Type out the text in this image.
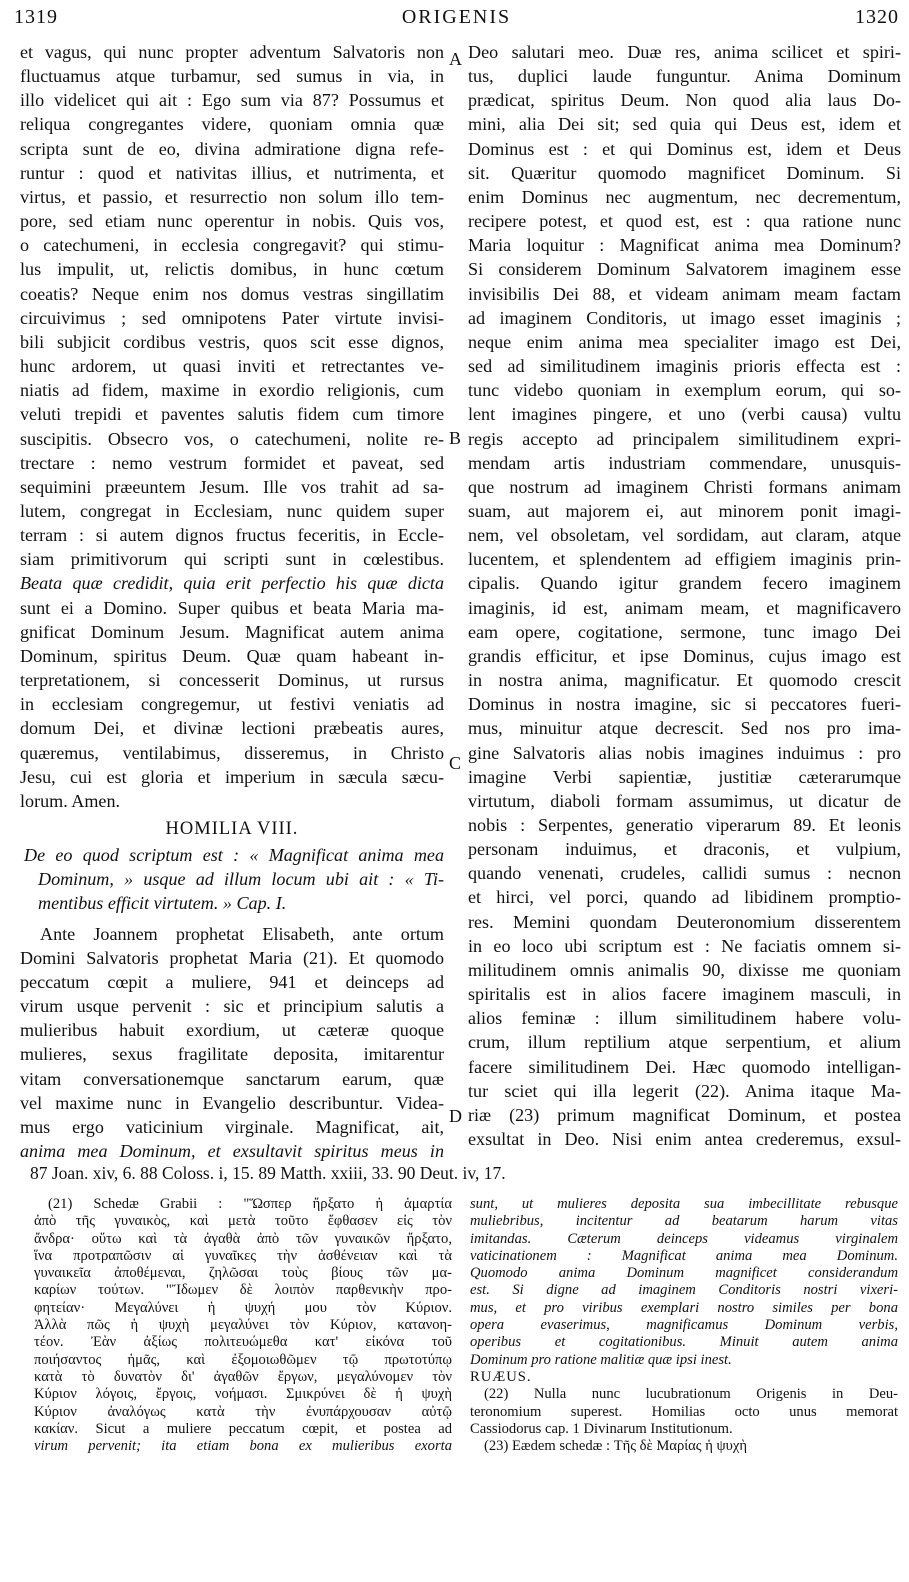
ORIGENIS
1319	1320
A
B
C
D
et vagus, qui nunc propter adventum Salvatoris non
fluctuamus atque turbamur, sed sumus in via, in
illo videlicet qui ait : Ego sum via 87? Possumus et
reliqua congregantes videre, quoniam omnia quæ
scripta sunt de eo, divina admiratione digna refe-
runtur : quod et nativitas illius, et nutrimenta, et
virtus, et passio, et resurrectio non solum illo tem-
pore, sed etiam nunc operentur in nobis. Quis vos,
o catechumeni, in ecclesia congregavit? qui stimu-
lus impulit, ut, relictis domibus, in hunc cœtum
coeatis? Neque enim nos domus vestras singillatim
circuivimus ; sed omnipotens Pater virtute invisi-
bili subjicit cordibus vestris, quos scit esse dignos,
hunc ardorem, ut quasi inviti et retrectantes ve-
niatis ad fidem, maxime in exordio religionis, cum
veluti trepidi et paventes salutis fidem cum timore
suscipitis. Obsecro vos, o catechumeni, nolite re-
trectare : nemo vestrum formidet et paveat, sed
sequimini præeuntem Jesum. Ille vos trahit ad sa-
lutem, congregat in Ecclesiam, nunc quidem super
terram : si autem dignos fructus feceritis, in Eccle-
siam primitivorum qui scripti sunt in cœlestibus.
Beata quæ credidit, quia erit perfectio his quæ dicta
sunt ei a Domino. Super quibus et beata Maria ma-
gnificat Dominum Jesum. Magnificat autem anima
Dominum, spiritus Deum. Quæ quam habeant in-
terpretationem, si concesserit Dominus, ut rursus
in ecclesiam congregemur, ut festivi veniatis ad
domum Dei, et divinæ lectioni præbeatis aures,
quæremus, ventilabimus, disseremus, in Christo
Jesu, cui est gloria et imperium in sæcula sæcu-
lorum. Amen.
HOMILIA VIII.
De eo quod scriptum est : « Magnificat anima mea
Dominum, » usque ad illum locum ubi ait : « Ti-
mentibus efficit virtutem. » Cap. I.
Ante Joannem prophetat Elisabeth, ante ortum
Domini Salvatoris prophetat Maria (21). Et quomodo
peccatum cœpit a muliere, 941 et deinceps ad
virum usque pervenit : sic et principium salutis a
mulieribus habuit exordium, ut cæteræ quoque
mulieres, sexus fragilitate deposita, imitarentur
vitam conversationemque sanctarum earum, quæ
vel maxime nunc in Evangelio describuntur. Videa-
mus ergo vaticinium virginale. Magnificat, ait,
anima mea Dominum, et exsultavit spiritus meus in
Deo salutari meo. Duæ res, anima scilicet et spiri-
tus, duplici laude funguntur. Anima Dominum
prædicat, spiritus Deum. Non quod alia laus Do-
mini, alia Dei sit; sed quia qui Deus est, idem et
Dominus est : et qui Dominus est, idem et Deus
sit. Quæritur quomodo magnificet Dominum. Si
enim Dominus nec augmentum, nec decrementum,
recipere potest, et quod est, est : qua ratione nunc
Maria loquitur : Magnificat anima mea Dominum?
Si considerem Dominum Salvatorem imaginem esse
invisibilis Dei 88, et videam animam meam factam
ad imaginem Conditoris, ut imago esset imaginis ;
neque enim anima mea specialiter imago est Dei,
sed ad similitudinem imaginis prioris effecta est :
tunc videbo quoniam in exemplum eorum, qui so-
lent imagines pingere, et uno (verbi causa) vultu
regis accepto ad principalem similitudinem expri-
mendam artis industriam commendare, unusquis-
que nostrum ad imaginem Christi formans animam
suam, aut majorem ei, aut minorem ponit imagi-
nem, vel obsoletam, vel sordidam, aut claram, atque
lucentem, et splendentem ad effigiem imaginis prin-
cipalis. Quando igitur grandem fecero imaginem
imaginis, id est, animam meam, et magnificavero
eam opere, cogitatione, sermone, tunc imago Dei
grandis efficitur, et ipse Dominus, cujus imago est
in nostra anima, magnificatur. Et quomodo crescit
Dominus in nostra imagine, sic si peccatores fueri-
mus, minuitur atque decrescit. Sed nos pro ima-
gine Salvatoris alias nobis imagines induimus : pro
imagine Verbi sapientiæ, justitiæ cæterarumque
virtutum, diaboli formam assumimus, ut dicatur de
nobis : Serpentes, generatio viperarum 89. Et leonis
personam induimus, et draconis, et vulpium,
quando venenati, crudeles, callidi sumus : necnon
et hirci, vel porci, quando ad libidinem promptio-
res. Memini quondam Deuteronomium disserentem
in eo loco ubi scriptum est : Ne faciatis omnem si-
militudinem omnis animalis 90, dixisse me quoniam
spiritalis est in alios facere imaginem masculi, in
alios feminæ : illum similitudinem habere volu-
crum, illum reptilium atque serpentium, et alium
facere similitudinem Dei. Hæc quomodo intelligan-
tur sciet qui illa legerit (22). Anima itaque Ma-
riæ (23) primum magnificat Dominum, et postea
exsultat in Deo. Nisi enim antea crederemus, exsul-
87 Joan. xiv, 6. 88 Coloss. i, 15. 89 Matth. xxiii, 33. 90 Deut. iv, 17.
(21) Schedæ Grabii : "Ὥσπερ ἤρξατο ἡ ἁμαρτία
ἀπὸ τῆς γυναικὸς, καὶ μετὰ τοῦτο ἔφθασεν εἰς τὸν
ἄνδρα· οὕτω καὶ τὰ ἀγαθὰ ἀπὸ τῶν γυναικῶν ἤρξατο,
ἵνα προτραπῶσιν αἱ γυναῖκες τὴν ἀσθένειαν καὶ τὰ
γυναικεῖα ἀποθέμεναι, ζηλῶσαι τοὺς βίους τῶν μα-
καρίων τούτων. "Ἴδωμεν δὲ λοιπὸν παρθενικὴν προ-
φητείαν· Μεγαλύνει ἡ ψυχή μου τὸν Κύριον.
Ἀλλὰ πῶς ἡ ψυχὴ μεγαλύνει τὸν Κύριον, κατανοη-
τέον. Ἐὰν ἀξίως πολιτευώμεθα κατ' εἰκόνα τοῦ
ποιήσαντος ἡμᾶς, καὶ ἐξομοιωθῶμεν τῷ πρωτοτύπῳ
κατὰ τὸ δυνατὸν δι' ἀγαθῶν ἔργων, μεγαλύνομεν τὸν
Κύριον λόγοις, ἔργοις, νοήμασι. Σμικρύνει δὲ ἡ ψυχὴ
Κύριον ἀναλόγως κατὰ τὴν ἐνυπάρχουσαν αὐτῷ
κακίαν. Sicut a muliere peccatum cœpit, et postea ad
virum pervenit; ita etiam bona ex mulieribus exorta
sunt, ut mulieres deposita sua imbecillitate rebusque
muliebribus, incitentur ad beatarum harum vitas
imitandas. Cæterum deinceps videamus virginalem
vaticinationem : Magnificat anima mea Dominum.
Quomodo anima Dominum magnificet considerandum
est. Si digne ad imaginem Conditoris nostri vixeri-
mus, et pro viribus exemplari nostro similes per bona
opera evaserimus, magnificamus Dominum verbis,
operibus et cogitationibus. Minuit autem anima
Dominum pro ratione malitiæ quæ ipsi inest.
RUÆUS.
(22) Nulla nunc lucubrationum Origenis in Deu-
teronomium superest. Homilias octo unus memorat
Cassiodorus cap. 1 Divinarum Institutionum.
(23) Eædem schedæ : Τῆς δὲ Μαρίας ἡ ψυχὴ
